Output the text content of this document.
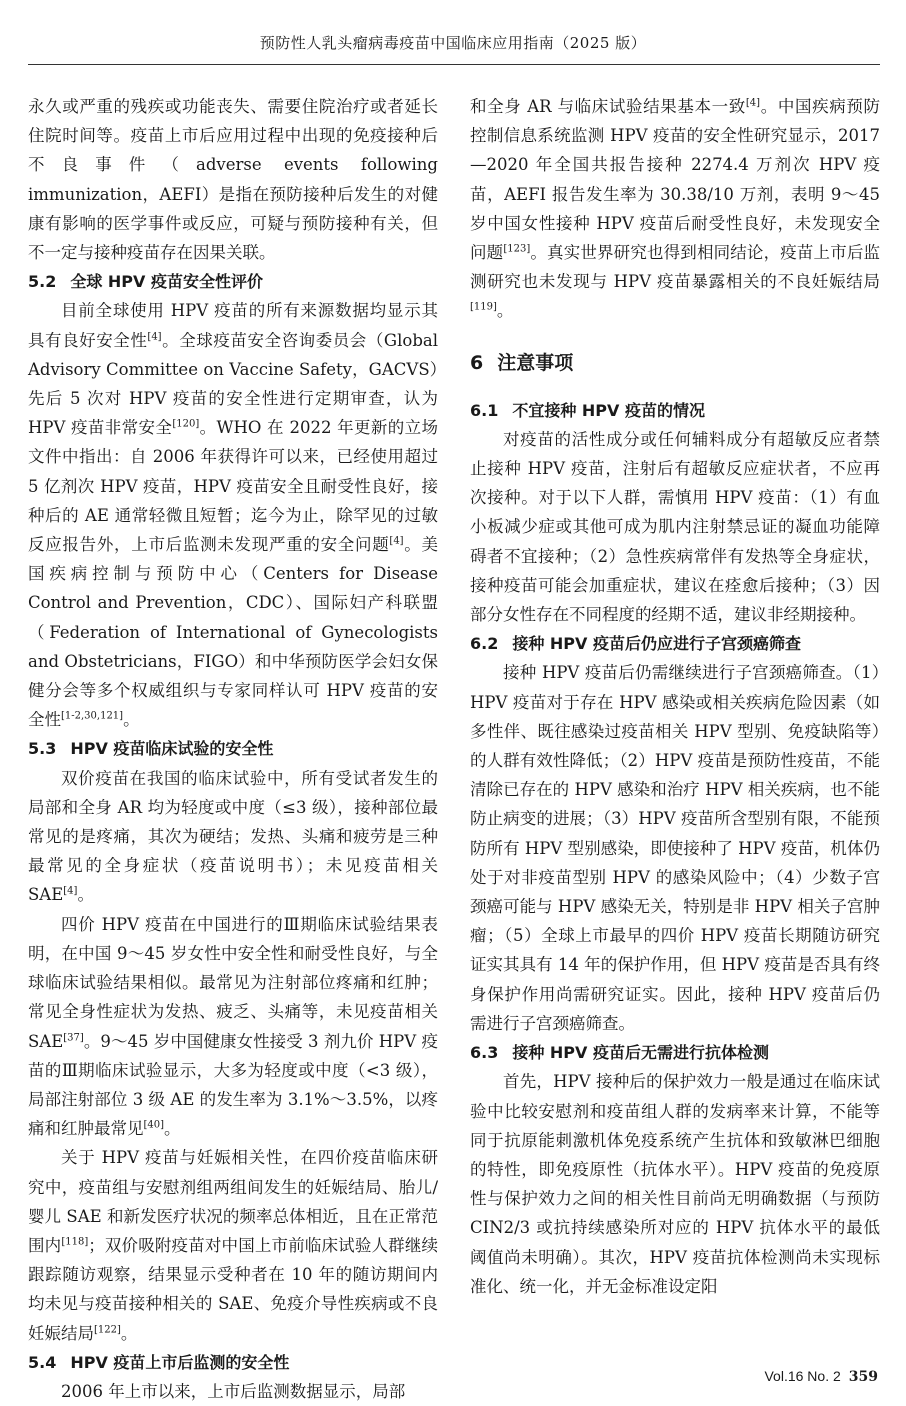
预防性人乳头瘤病毒疫苗中国临床应用指南（2025 版）

永久或严重的残疾或功能丧失、需要住院治疗或者延长住院时间等。疫苗上市后应用过程中出现的免疫接种后不良事件（adverse events following immunization，AEFI）是指在预防接种后发生的对健康有影响的医学事件或反应，可疑与预防接种有关，但不一定与接种疫苗存在因果关联。

5.2 全球 HPV 疫苗安全性评价

目前全球使用 HPV 疫苗的所有来源数据均显示其具有良好安全性[4]。全球疫苗安全咨询委员会（Global Advisory Committee on Vaccine Safety，GACVS）先后 5 次对 HPV 疫苗的安全性进行定期审查，认为 HPV 疫苗非常安全[120]。WHO 在 2022 年更新的立场文件中指出：自 2006 年获得许可以来，已经使用超过 5 亿剂次 HPV 疫苗，HPV 疫苗安全且耐受性良好，接种后的 AE 通常轻微且短暂；迄今为止，除罕见的过敏反应报告外，上市后监测未发现严重的安全问题[4]。美国疾病控制与预防中心（Centers for Disease Control and Prevention，CDC）、国际妇产科联盟（Federation of International of Gynecologists and Obstetricians，FIGO）和中华预防医学会妇女保健分会等多个权威组织与专家同样认可 HPV 疫苗的安全性[1-2,30,121]。

5.3 HPV 疫苗临床试验的安全性

双价疫苗在我国的临床试验中，所有受试者发生的局部和全身 AR 均为轻度或中度（≤3 级），接种部位最常见的是疼痛，其次为硬结；发热、头痛和疲劳是三种最常见的全身症状（疫苗说明书）；未见疫苗相关 SAE[4]。

四价 HPV 疫苗在中国进行的Ⅲ期临床试验结果表明，在中国 9～45 岁女性中安全性和耐受性良好，与全球临床试验结果相似。最常见为注射部位疼痛和红肿；常见全身性症状为发热、疲乏、头痛等，未见疫苗相关 SAE[37]。9～45 岁中国健康女性接受 3 剂九价 HPV 疫苗的Ⅲ期临床试验显示，大多为轻度或中度（<3 级），局部注射部位 3 级 AE 的发生率为 3.1%～3.5%，以疼痛和红肿最常见[40]。

关于 HPV 疫苗与妊娠相关性，在四价疫苗临床研究中，疫苗组与安慰剂组两组间发生的妊娠结局、胎儿/婴儿 SAE 和新发医疗状况的频率总体相近，且在正常范围内[118]；双价吸附疫苗对中国上市前临床试验人群继续跟踪随访观察，结果显示受种者在 10 年的随访期间内均未见与疫苗接种相关的 SAE、免疫介导性疾病或不良妊娠结局[122]。

5.4 HPV 疫苗上市后监测的安全性

2006 年上市以来，上市后监测数据显示，局部

和全身 AR 与临床试验结果基本一致[4]。中国疾病预防控制信息系统监测 HPV 疫苗的安全性研究显示，2017—2020 年全国共报告接种 2274.4 万剂次 HPV 疫苗，AEFI 报告发生率为 30.38/10 万剂，表明 9～45 岁中国女性接种 HPV 疫苗后耐受性良好，未发现安全问题[123]。真实世界研究也得到相同结论，疫苗上市后监测研究也未发现与 HPV 疫苗暴露相关的不良妊娠结局[119]。

6 注意事项
6.1 不宜接种 HPV 疫苗的情况

对疫苗的活性成分或任何辅料成分有超敏反应者禁止接种 HPV 疫苗，注射后有超敏反应症状者，不应再次接种。对于以下人群，需慎用 HPV 疫苗：（1）有血小板减少症或其他可成为肌内注射禁忌证的凝血功能障碍者不宜接种；（2）急性疾病常伴有发热等全身症状，接种疫苗可能会加重症状，建议在痊愈后接种；（3）因部分女性存在不同程度的经期不适，建议非经期接种。

6.2 接种 HPV 疫苗后仍应进行子宫颈癌筛查

接种 HPV 疫苗后仍需继续进行子宫颈癌筛查。（1）HPV 疫苗对于存在 HPV 感染或相关疾病危险因素（如多性伴、既往感染过疫苗相关 HPV 型别、免疫缺陷等）的人群有效性降低；（2）HPV 疫苗是预防性疫苗，不能清除已存在的 HPV 感染和治疗 HPV 相关疾病，也不能防止病变的进展；（3）HPV 疫苗所含型别有限，不能预防所有 HPV 型别感染，即使接种了 HPV 疫苗，机体仍处于对非疫苗型别 HPV 的感染风险中；（4）少数子宫颈癌可能与 HPV 感染无关，特别是非 HPV 相关子宫肿瘤；（5）全球上市最早的四价 HPV 疫苗长期随访研究证实其具有 14 年的保护作用，但 HPV 疫苗是否具有终身保护作用尚需研究证实。因此，接种 HPV 疫苗后仍需进行子宫颈癌筛查。

6.3 接种 HPV 疫苗后无需进行抗体检测

首先，HPV 接种后的保护效力一般是通过在临床试验中比较安慰剂和疫苗组人群的发病率来计算，不能等同于抗原能刺激机体免疫系统产生抗体和致敏淋巴细胞的特性，即免疫原性（抗体水平）。HPV 疫苗的免疫原性与保护效力之间的相关性目前尚无明确数据（与预防 CIN2/3 或抗持续感染所对应的 HPV 抗体水平的最低阈值尚未明确）。其次，HPV 疫苗抗体检测尚未实现标准化、统一化，并无金标准设定阳

Vol.16 No. 2 359
